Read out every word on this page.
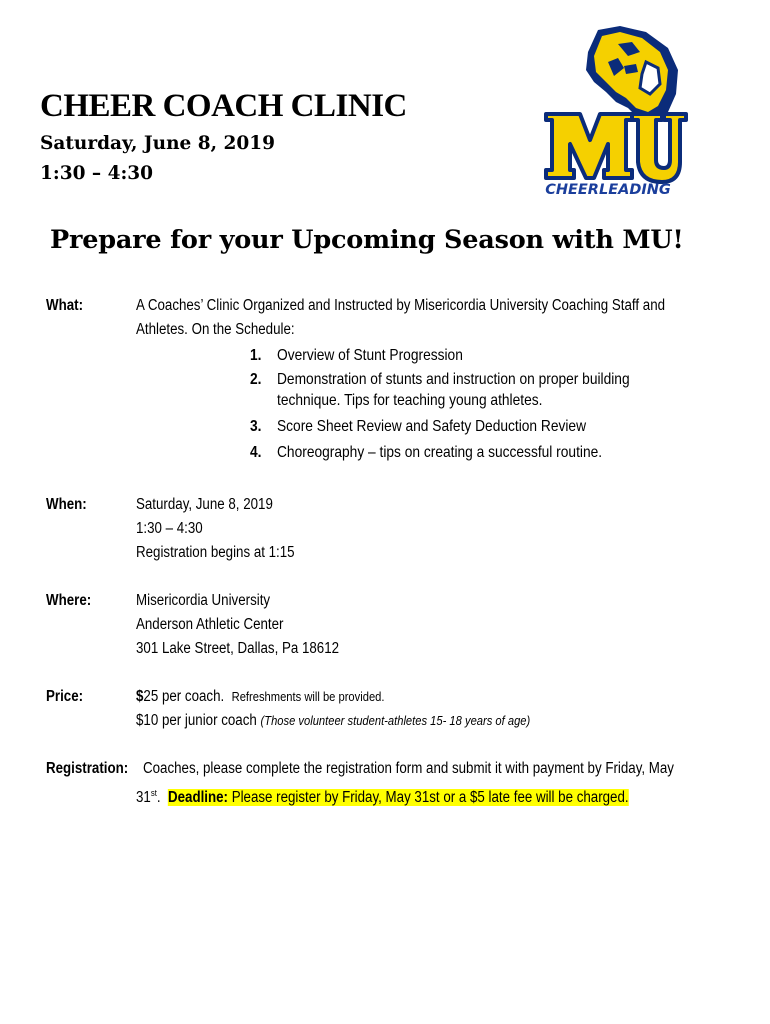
CHEER COACH CLINIC
Saturday, June 8, 2019
1:30 – 4:30
CHEERLEADING
Prepare for your Upcoming Season with MU!
What:	A Coaches’ Clinic Organized and Instructed by Misericordia University Coaching Staff and
Athletes. On the Schedule:
1. Overview of Stunt Progression
2. Demonstration of stunts and instruction on proper building
technique. Tips for teaching young athletes.
3. Score Sheet Review and Safety Deduction Review
4. Choreography – tips on creating a successful routine.
When:	Saturday, June 8, 2019
1:30 – 4:30
Registration begins at 1:15
Where:	Misericordia University
Anderson Athletic Center
301 Lake Street, Dallas, Pa 18612
Price:	$25 per coach. Refreshments will be provided.
$10 per junior coach (Those volunteer student-athletes 15- 18 years of age)
Registration: Coaches, please complete the registration form and submit it with payment by Friday, May
31st. Deadline: Please register by Friday, May 31st or a $5 late fee will be charged.
